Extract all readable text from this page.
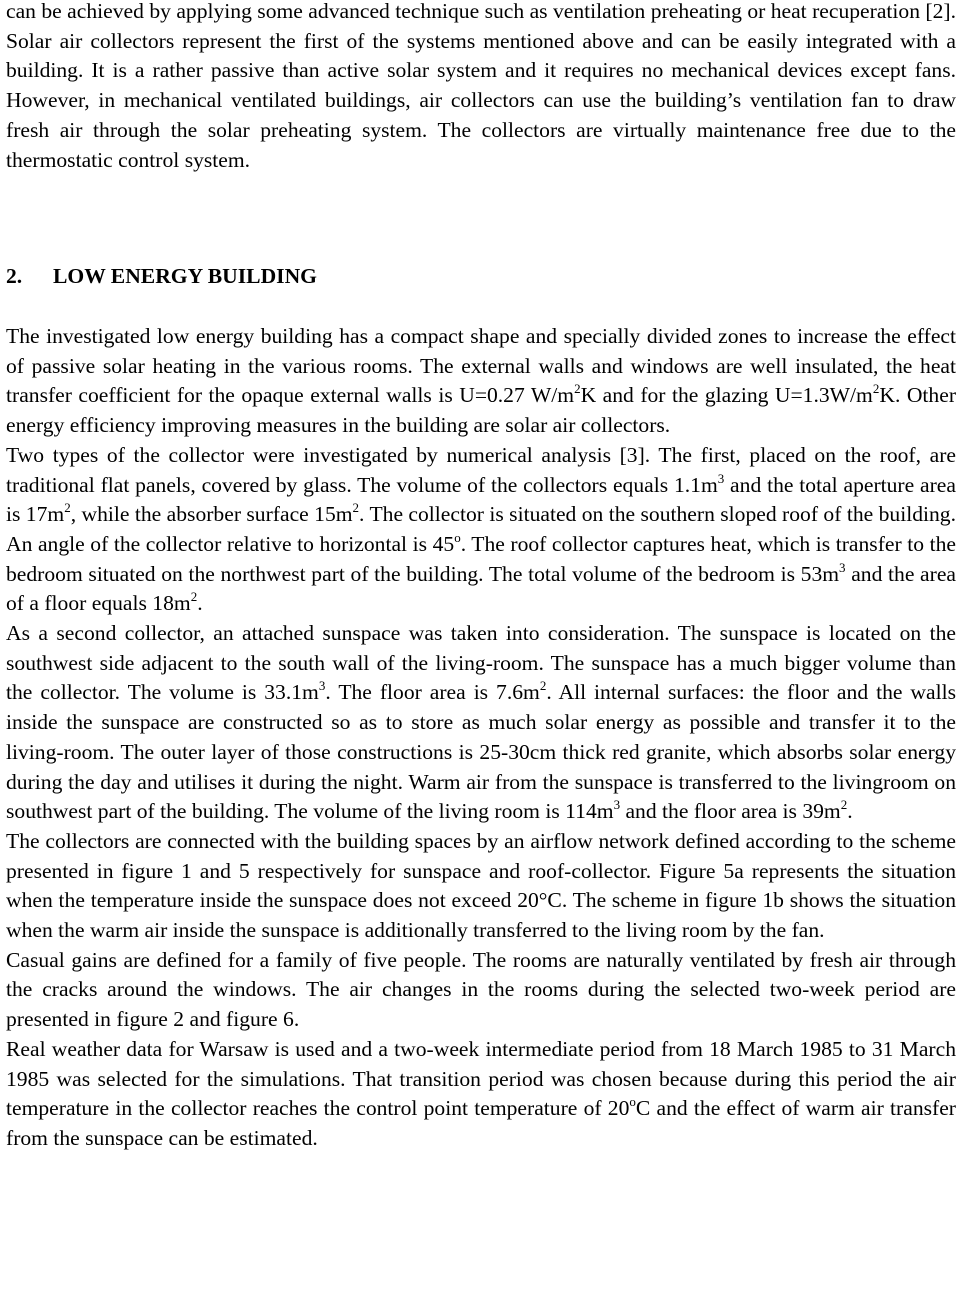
can be achieved by applying some advanced technique such as ventilation preheating or heat recuperation [2]. Solar air collectors represent the first of the systems mentioned above and can be easily integrated with a building. It is a rather passive than active solar system and it requires no mechanical devices except fans. However, in mechanical ventilated buildings, air collectors can use the building’s ventilation fan to draw fresh air through the solar preheating system. The collectors are virtually maintenance free due to the thermostatic control system.

2. LOW ENERGY BUILDING

The investigated low energy building has a compact shape and specially divided zones to increase the effect of passive solar heating in the various rooms. The external walls and windows are well insulated, the heat transfer coefficient for the opaque external walls is U=0.27 $W/m^2K$ and for the glazing $U=1.3W/m^2K$. Other energy efficiency improving measures in the building are solar air collectors.

Two types of the collector were investigated by numerical analysis [3]. The first, placed on the roof, are traditional flat panels, covered by glass. The volume of the collectors equals $1.1m^3$ and the total aperture area is $17m^2$, while the absorber surface $15m^2$. The collector is situated on the southern sloped roof of the building. An angle of the collector relative to horizontal is 45$^o$. The roof collector captures heat, which is transfer to the bedroom situated on the northwest part of the building. The total volume of the bedroom is $53m^3$ and the area of a floor equals $18m^2$.

As a second collector, an attached sunspace was taken into consideration. The sunspace is located on the southwest side adjacent to the south wall of the living-room. The sunspace has a much bigger volume than the collector. The volume is $33.1m^3$. The floor area is $7.6m^2$. All internal surfaces: the floor and the walls inside the sunspace are constructed so as to store as much solar energy as possible and transfer it to the living-room. The outer layer of those constructions is 25-30cm thick red granite, which absorbs solar energy during the day and utilises it during the night. Warm air from the sunspace is transferred to the livingroom on southwest part of the building. The volume of the living room is $114m^3$ and the floor area is $39m^2$.

The collectors are connected with the building spaces by an airflow network defined according to the scheme presented in figure 1 and 5 respectively for sunspace and roof-collector. Figure 5a represents the situation when the temperature inside the sunspace does not exceed 20°C. The scheme in figure 1b shows the situation when the warm air inside the sunspace is additionally transferred to the living room by the fan.

Casual gains are defined for a family of five people. The rooms are naturally ventilated by fresh air through the cracks around the windows. The air changes in the rooms during the selected two-week period are presented in figure 2 and figure 6.

Real weather data for Warsaw is used and a two-week intermediate period from 18 March 1985 to 31 March 1985 was selected for the simulations. That transition period was chosen because during this period the air temperature in the collector reaches the control point temperature of 20$^o$C and the effect of warm air transfer from the sunspace can be estimated.
